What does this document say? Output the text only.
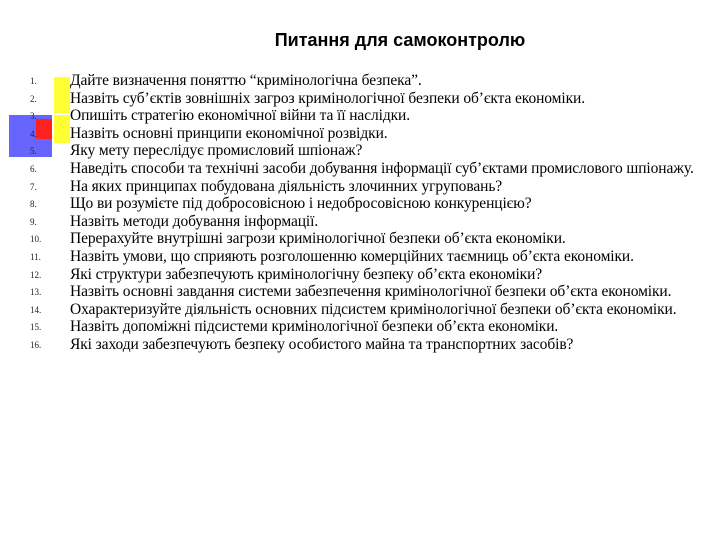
Питання для самоконтролю
1.	Дайте визначення поняттю “кримінологічна безпека”.
2.	Назвіть суб’єктів зовнішніх загроз кримінологічної безпеки об’єкта економіки.
3.	Опишіть стратегію економічної війни та її наслідки.
4.	Назвіть основні принципи економічної розвідки.
5.	Яку мету переслідує промисловий шпіонаж?
6.	Наведіть способи та технічні засоби добування інформації суб’єктами промислового шпіонажу.
7.	На яких принципах побудована діяльність злочинних угруповань?
8.	Що ви розумієте під добросовісною і недобросовісною конкуренцією?
9.	Назвіть методи добування інформації.
10.	Перерахуйте внутрішні загрози кримінологічної безпеки об’єкта економіки.
11.	Назвіть умови, що сприяють розголошенню комерційних таємниць об’єкта економіки.
12.	Які структури забезпечують кримінологічну безпеку об’єкта економіки?
13.	Назвіть основні завдання системи забезпечення кримінологічної безпеки об’єкта економіки.
14.	Охарактеризуйте діяльність основних підсистем кримінологічної безпеки об’єкта економіки.
15.	Назвіть допоміжні підсистеми кримінологічної безпеки об’єкта економіки.
16.	Які заходи забезпечують безпеку особистого майна та транспортних засобів?
